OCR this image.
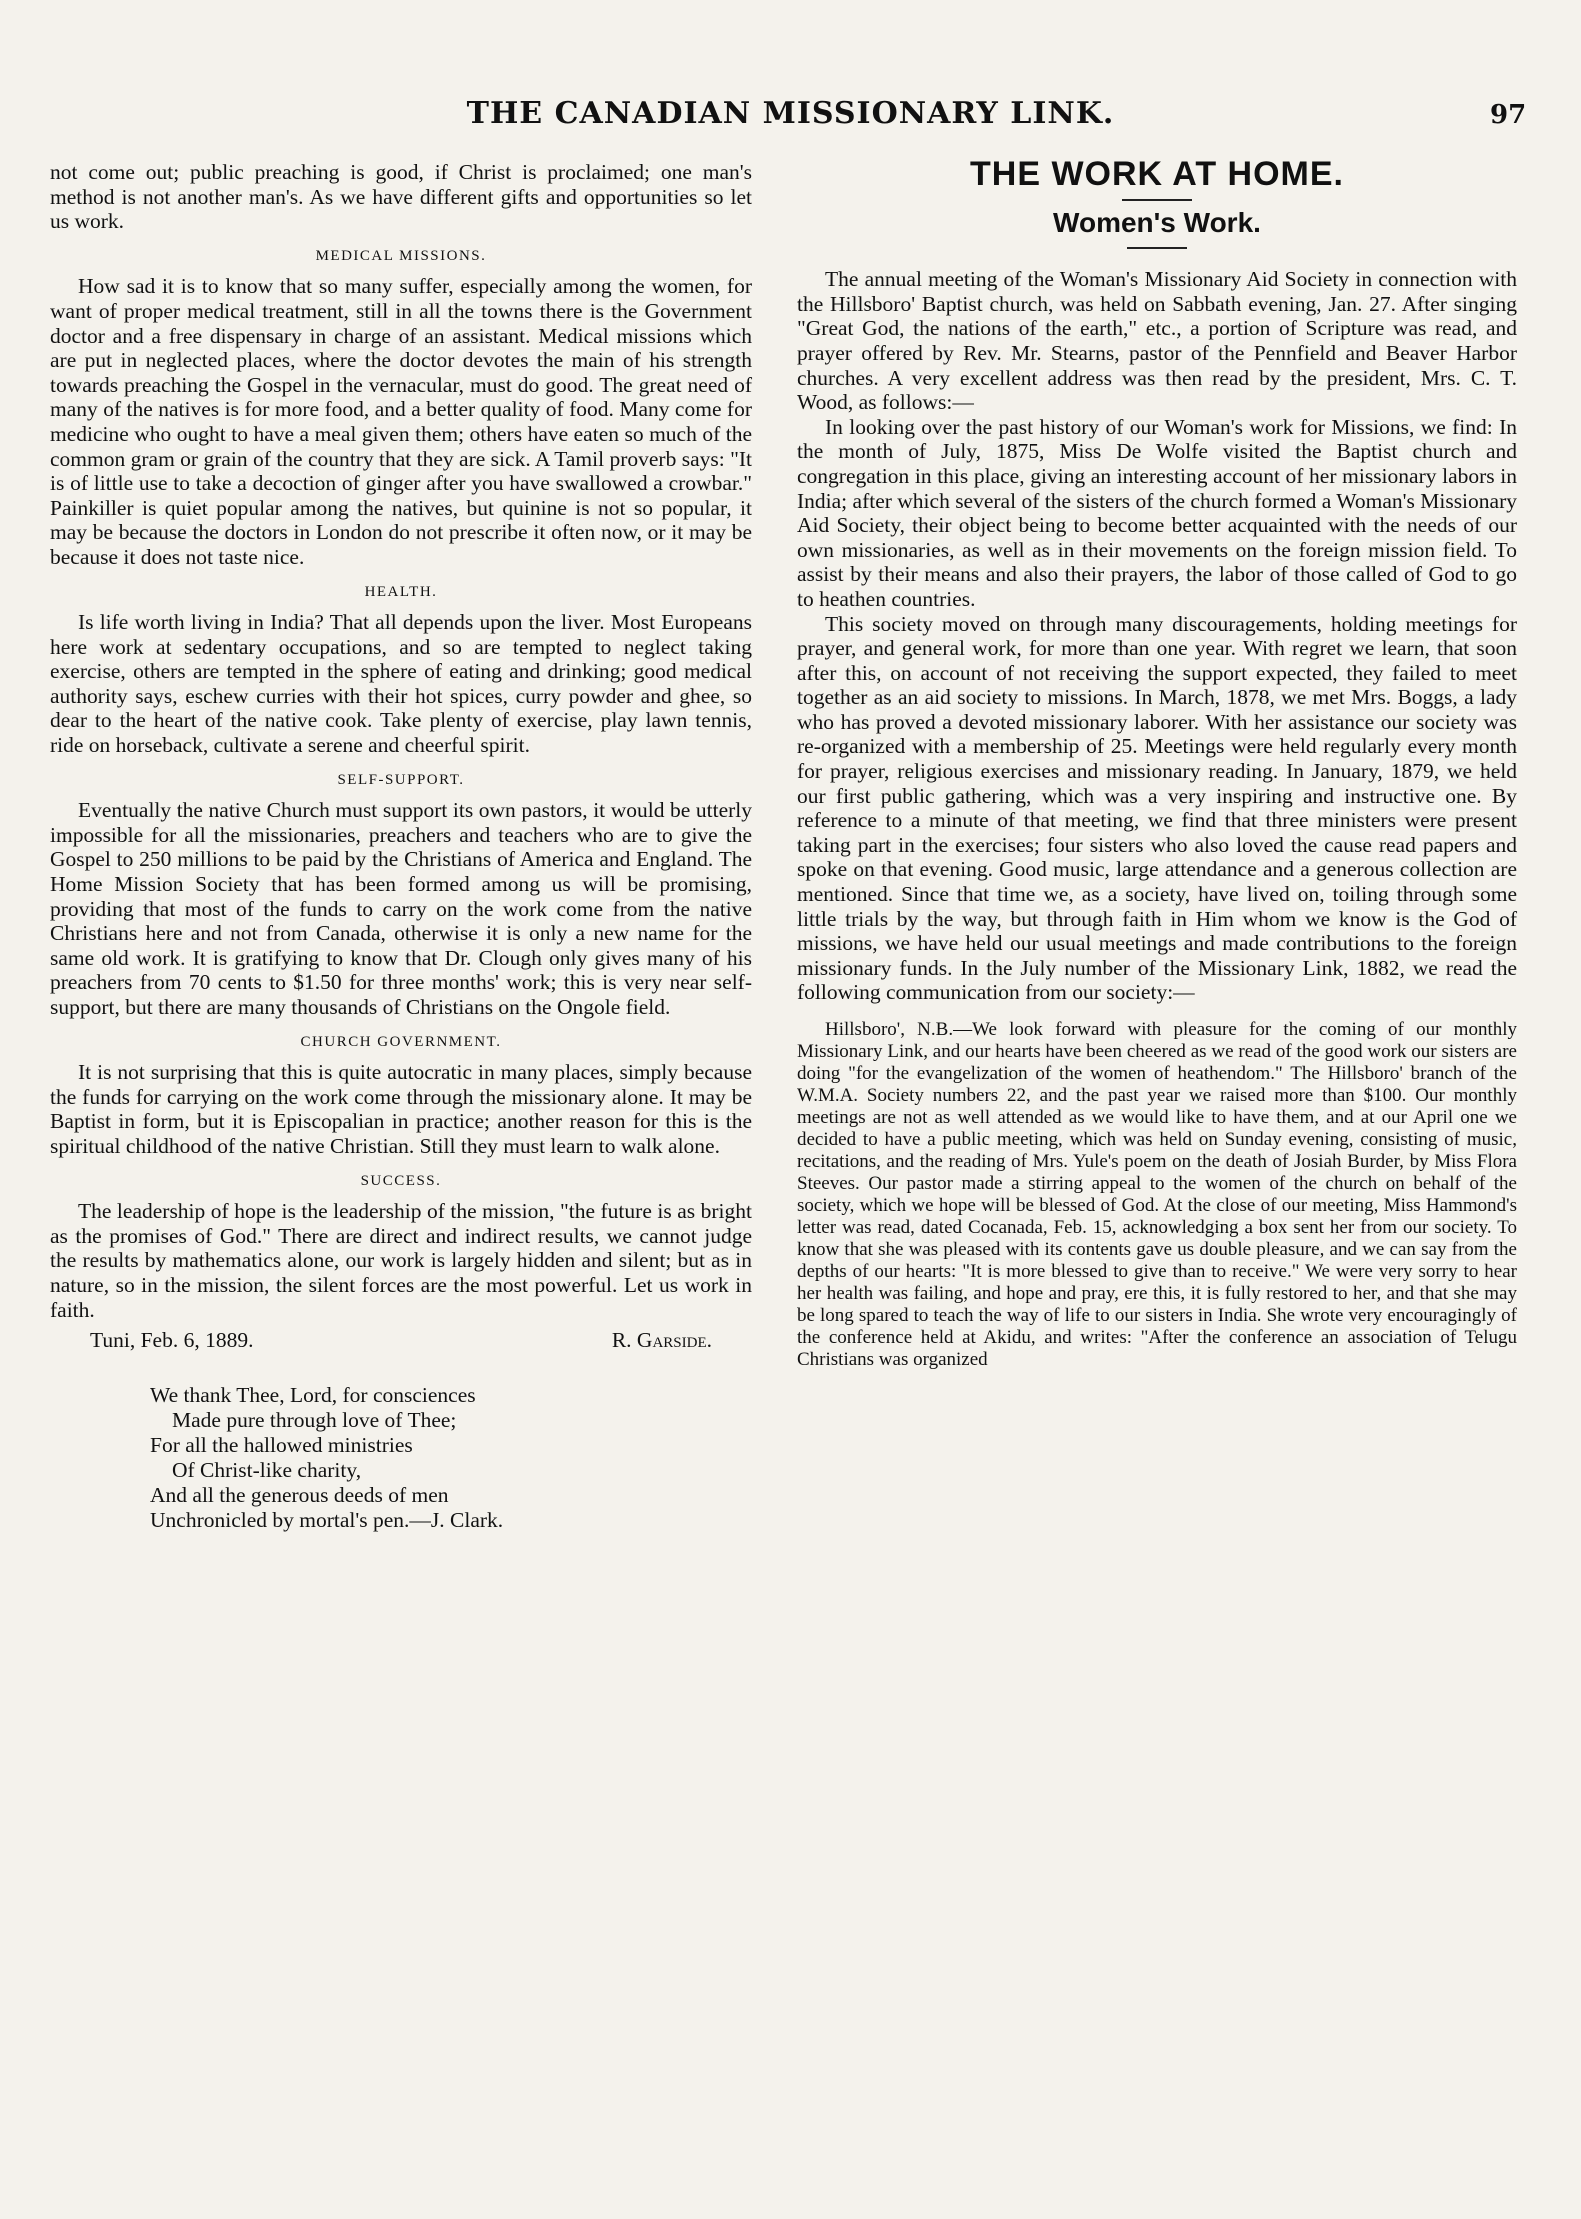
THE CANADIAN MISSIONARY LINK.	97

not come out; public preaching is good, if Christ is proclaimed; one man's method is not another man's. As we have different gifts and opportunities so let us work.

MEDICAL MISSIONS.

How sad it is to know that so many suffer, especially among the women, for want of proper medical treatment, still in all the towns there is the Government doctor and a free dispensary in charge of an assistant. Medical missions which are put in neglected places, where the doctor devotes the main of his strength towards preaching the Gospel in the vernacular, must do good. The great need of many of the natives is for more food, and a better quality of food. Many come for medicine who ought to have a meal given them; others have eaten so much of the common gram or grain of the country that they are sick. A Tamil proverb says: "It is of little use to take a decoction of ginger after you have swallowed a crowbar." Painkiller is quiet popular among the natives, but quinine is not so popular, it may be because the doctors in London do not prescribe it often now, or it may be because it does not taste nice.

HEALTH.

Is life worth living in India? That all depends upon the liver. Most Europeans here work at sedentary occupations, and so are tempted to neglect taking exercise, others are tempted in the sphere of eating and drinking; good medical authority says, eschew curries with their hot spices, curry powder and ghee, so dear to the heart of the native cook. Take plenty of exercise, play lawn tennis, ride on horseback, cultivate a serene and cheerful spirit.

SELF-SUPPORT.

Eventually the native Church must support its own pastors, it would be utterly impossible for all the missionaries, preachers and teachers who are to give the Gospel to 250 millions to be paid by the Christians of America and England. The Home Mission Society that has been formed among us will be promising, providing that most of the funds to carry on the work come from the native Christians here and not from Canada, otherwise it is only a new name for the same old work. It is gratifying to know that Dr. Clough only gives many of his preachers from 70 cents to $1.50 for three months' work; this is very near self-support, but there are many thousands of Christians on the Ongole field.

CHURCH GOVERNMENT.

It is not surprising that this is quite autocratic in many places, simply because the funds for carrying on the work come through the missionary alone. It may be Baptist in form, but it is Episcopalian in practice; another reason for this is the spiritual childhood of the native Christian. Still they must learn to walk alone.

SUCCESS.

The leadership of hope is the leadership of the mission, "the future is as bright as the promises of God." There are direct and indirect results, we cannot judge the results by mathematics alone, our work is largely hidden and silent; but as in nature, so in the mission, the silent forces are the most powerful. Let us work in faith.

Tuni, Feb. 6, 1889.	R. Garside.
We thank Thee, Lord, for consciences
Made pure through love of Thee;
For all the hallowed ministries
Of Christ-like charity,
And all the generous deeds of men
Unchronicled by mortal's pen.—J. Clark.
THE WORK AT HOME.
Women's Work.

The annual meeting of the Woman's Missionary Aid Society in connection with the Hillsboro' Baptist church, was held on Sabbath evening, Jan. 27. After singing "Great God, the nations of the earth," etc., a portion of Scripture was read, and prayer offered by Rev. Mr. Stearns, pastor of the Pennfield and Beaver Harbor churches. A very excellent address was then read by the president, Mrs. C. T. Wood, as follows:—

In looking over the past history of our Woman's work for Missions, we find: In the month of July, 1875, Miss De Wolfe visited the Baptist church and congregation in this place, giving an interesting account of her missionary labors in India; after which several of the sisters of the church formed a Woman's Missionary Aid Society, their object being to become better acquainted with the needs of our own missionaries, as well as in their movements on the foreign mission field. To assist by their means and also their prayers, the labor of those called of God to go to heathen countries.

This society moved on through many discouragements, holding meetings for prayer, and general work, for more than one year. With regret we learn, that soon after this, on account of not receiving the support expected, they failed to meet together as an aid society to missions. In March, 1878, we met Mrs. Boggs, a lady who has proved a devoted missionary laborer. With her assistance our society was re-organized with a membership of 25. Meetings were held regularly every month for prayer, religious exercises and missionary reading. In January, 1879, we held our first public gathering, which was a very inspiring and instructive one. By reference to a minute of that meeting, we find that three ministers were present taking part in the exercises; four sisters who also loved the cause read papers and spoke on that evening. Good music, large attendance and a generous collection are mentioned. Since that time we, as a society, have lived on, toiling through some little trials by the way, but through faith in Him whom we know is the God of missions, we have held our usual meetings and made contributions to the foreign missionary funds. In the July number of the Missionary Link, 1882, we read the following communication from our society:—

Hillsboro', N.B.—We look forward with pleasure for the coming of our monthly Missionary Link, and our hearts have been cheered as we read of the good work our sisters are doing "for the evangelization of the women of heathendom." The Hillsboro' branch of the W.M.A. Society numbers 22, and the past year we raised more than $100. Our monthly meetings are not as well attended as we would like to have them, and at our April one we decided to have a public meeting, which was held on Sunday evening, consisting of music, recitations, and the reading of Mrs. Yule's poem on the death of Josiah Burder, by Miss Flora Steeves. Our pastor made a stirring appeal to the women of the church on behalf of the society, which we hope will be blessed of God. At the close of our meeting, Miss Hammond's letter was read, dated Cocanada, Feb. 15, acknowledging a box sent her from our society. To know that she was pleased with its contents gave us double pleasure, and we can say from the depths of our hearts: "It is more blessed to give than to receive." We were very sorry to hear her health was failing, and hope and pray, ere this, it is fully restored to her, and that she may be long spared to teach the way of life to our sisters in India. She wrote very encouragingly of the conference held at Akidu, and writes: "After the conference an association of Telugu Christians was organized
